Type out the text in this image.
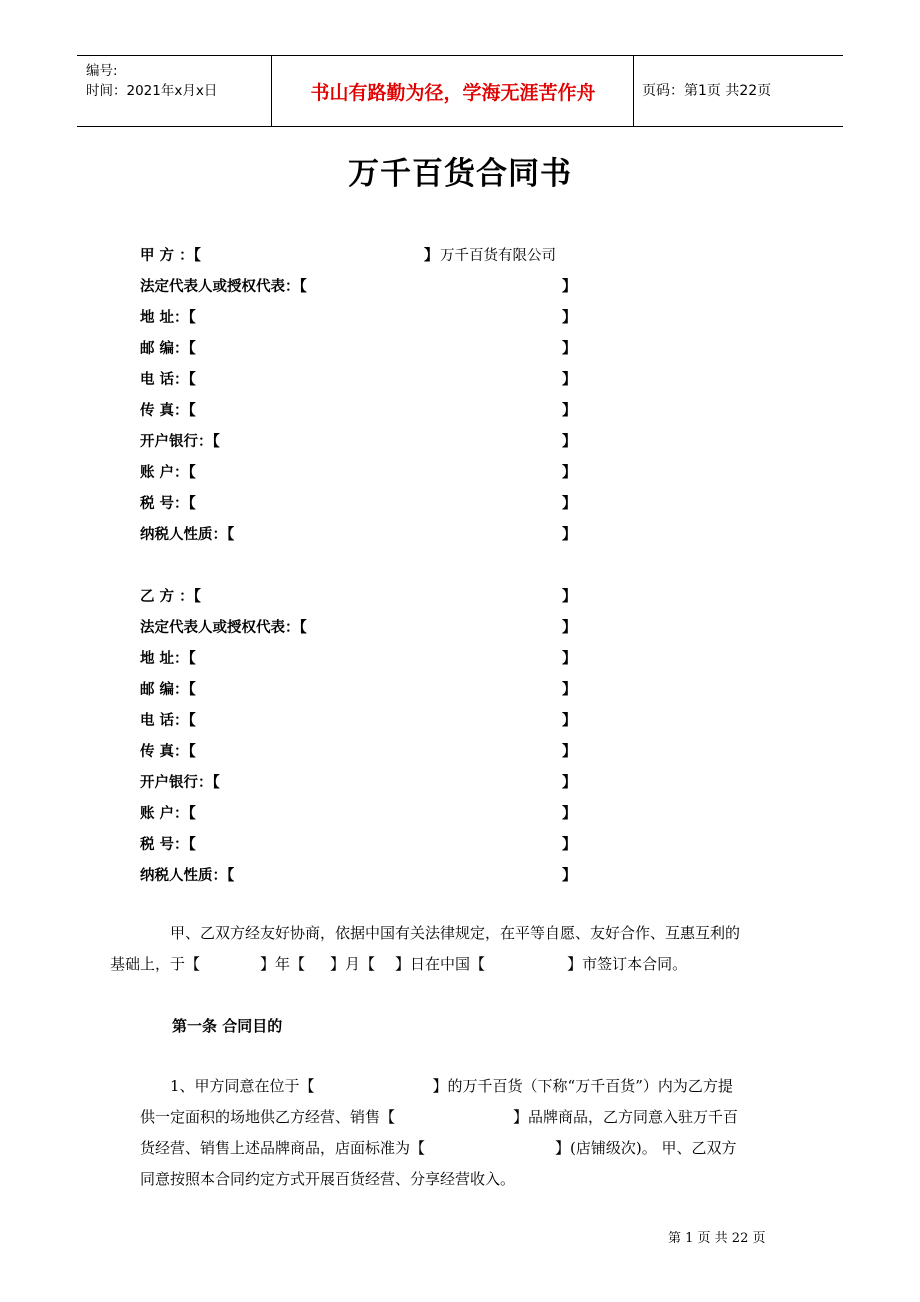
编号:
时间：2021年x月x日	书山有路勤为径，学海无涯苦作舟	页码：第1页 共22页
万千百货合同书
甲 方 ：【	】 万千百货有限公司
法定代表人或授权代表：【	】
地 址：【	】
邮 编：【	】
电 话：【	】
传 真：【	】
开户银行：【	】
账 户：【	】
税 号：【	】
纳税人性质：【	】
乙 方 ：【	】
法定代表人或授权代表：【	】
地 址：【	】
邮 编：【	】
电 话：【	】
传 真：【	】
开户银行：【	】
账 户：【	】
税 号：【	】
纳税人性质：【	】
甲、乙双方经友好协商，依据中国有关法律规定，在平等自愿、友好合作、互惠互利的
基础上，于【	】年【 】月【 】日在中国【	】市签订本合同。
第一条 合同目的
1、甲方同意在位于【	】的万千百货（下称“万千百货”）内为乙方提
供一定面积的场地供乙方经营、销售【	】品牌商品，乙方同意入驻万千百
货经营、销售上述品牌商品，店面标准为【	】(店铺级次)。 甲、乙双方
同意按照本合同约定方式开展百货经营、分享经营收入。
第 1 页 共 22 页
